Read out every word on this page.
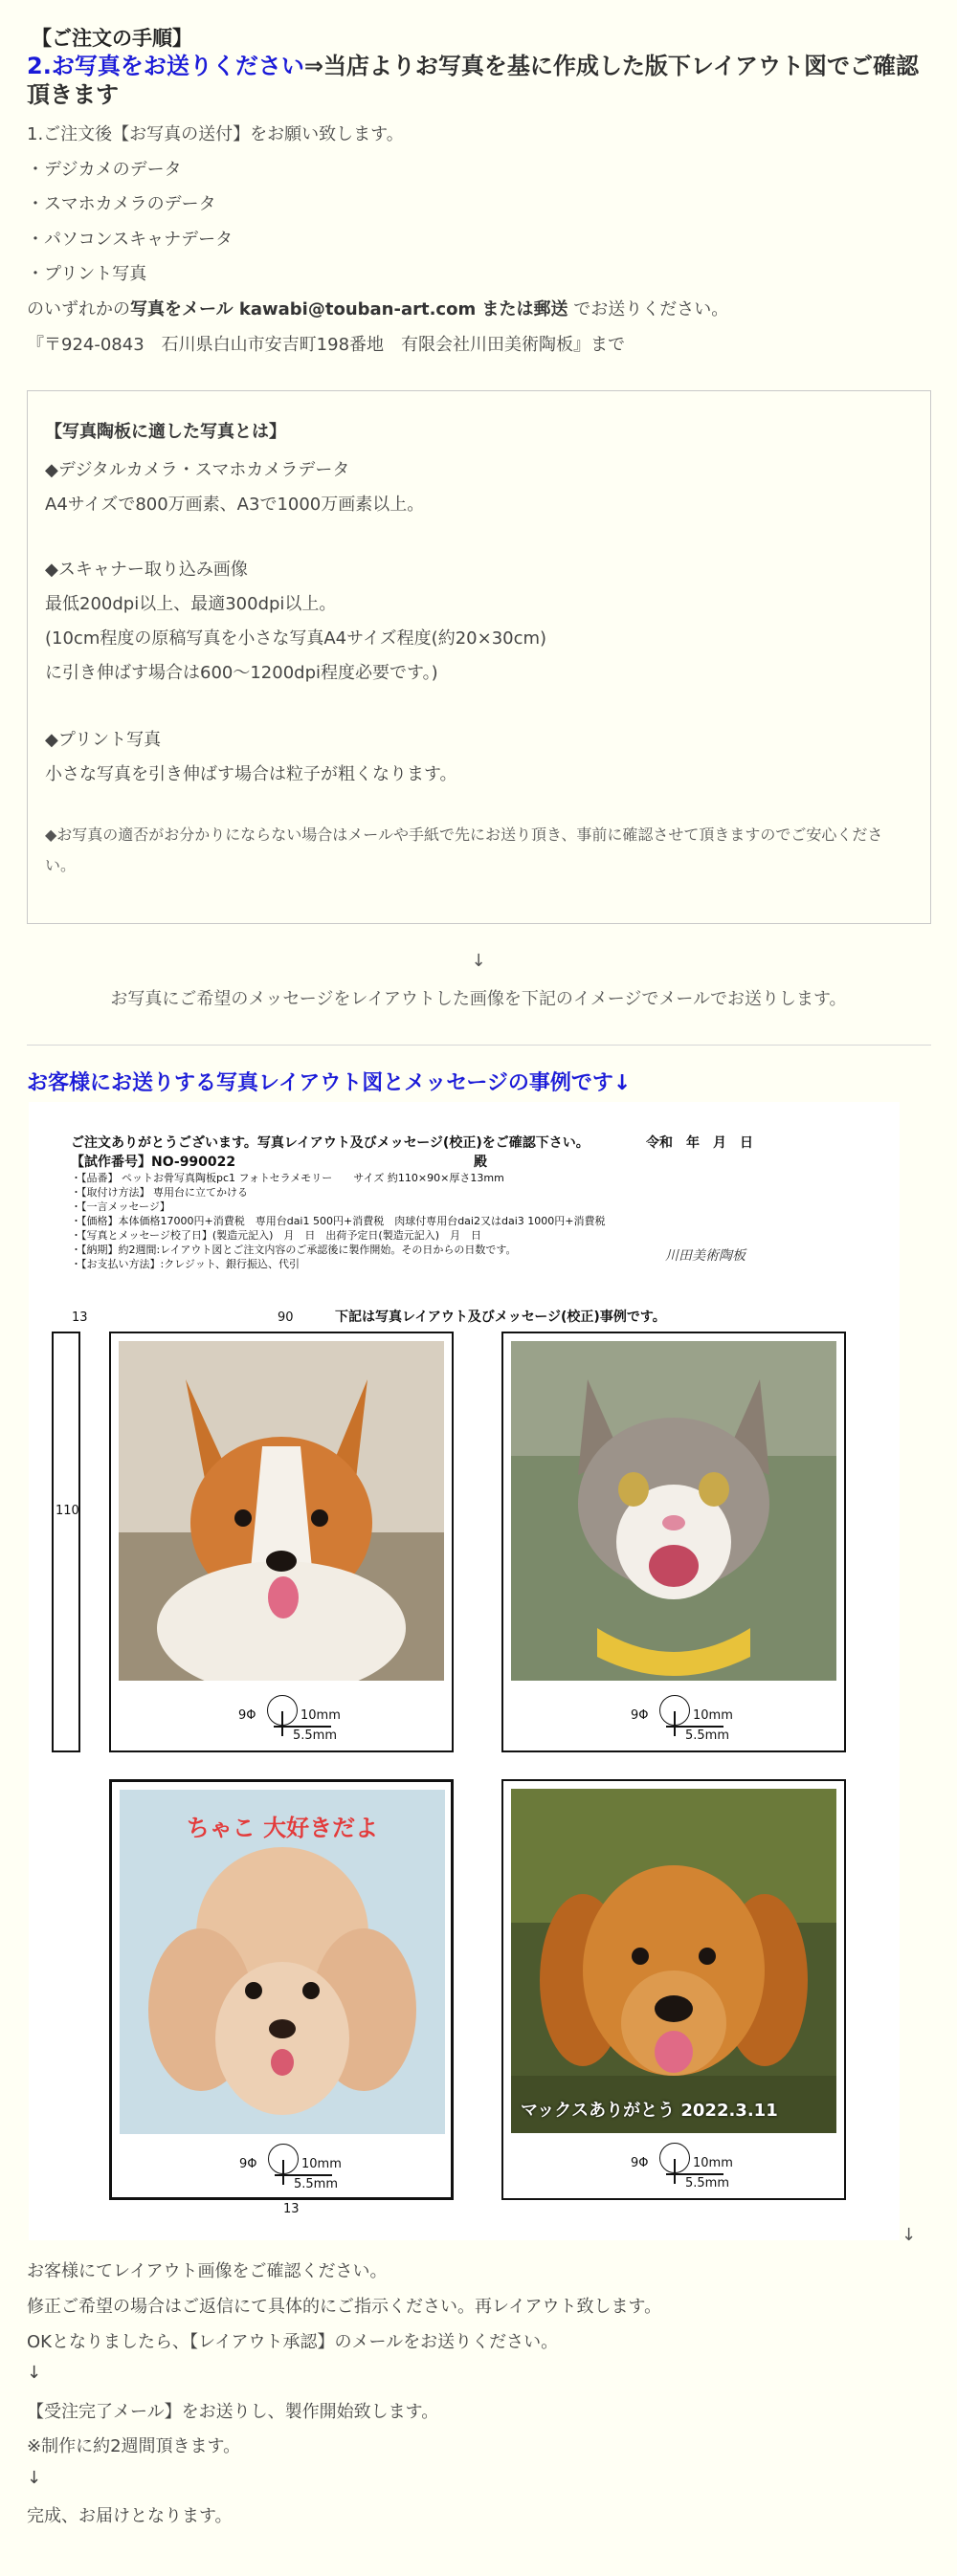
【ご注文の手順】
2.お写真をお送りください⇒当店よりお写真を基に作成した版下レイアウト図でご確認頂きます
1.ご注文後【お写真の送付】をお願い致します。
・デジカメのデータ
・スマホカメラのデータ
・パソコンスキャナデータ
・プリント写真
のいずれかの写真をメール kawabi@touban-art.com または郵送 でお送りください。
『〒924-0843　石川県白山市安吉町198番地　有限会社川田美術陶板』まで
【写真陶板に適した写真とは】
◆デジタルカメラ・スマホカメラデータ
A4サイズで800万画素、A3で1000万画素以上。
◆スキャナー取り込み画像
最低200dpi以上、最適300dpi以上。
(10cm程度の原稿写真を小さな写真A4サイズ程度(約20×30cm)
に引き伸ばす場合は600～1200dpi程度必要です。)
◆プリント写真
小さな写真を引き伸ばす場合は粒子が粗くなります。
◆お写真の適否がお分かりにならない場合はメールや手紙で先にお送り頂き、事前に確認させて頂きますのでご安心ください。
↓
お写真にご希望のメッセージをレイアウトした画像を下記のイメージでメールでお送りします。
お客様にお送りする写真レイアウト図とメッセージの事例です↓
ご注文ありがとうございます。写真レイアウト及びメッセージ(校正)をご確認下さい。	令和　年　月　日
【試作番号】NO-990022	殿
・【品番】 ペットお骨写真陶板pc1 フォトセラメモリー　　サイズ 約110×90×厚さ13mm
・【取付け方法】 専用台に立てかける
・【一言メッセージ】
・【価格】本体価格17000円+消費税　専用台dai1 500円+消費税　肉球付専用台dai2又はdai3 1000円+消費税
・【写真とメッセージ校了日】(製造元記入)　月　日　出荷予定日(製造元記入)　月　日
・【納期】約2週間:レイアウト図とご注文内容のご承認後に製作開始。その日からの日数です。
・【お支払い方法】:クレジット、銀行振込、代引
川田美術陶板
13	90	下記は写真レイアウト及びメッセージ(校正)事例です。
110
9Φ	10mm
5.5mm
9Φ	10mm
5.5mm
ちゃこ 大好きだよ
9Φ	10mm
5.5mm
13
マックスありがとう 2022.3.11
9Φ	10mm
5.5mm
↓
お客様にてレイアウト画像をご確認ください。
修正ご希望の場合はご返信にて具体的にご指示ください。再レイアウト致します。
OKとなりましたら、【レイアウト承認】のメールをお送りください。
↓
【受注完了メール】をお送りし、製作開始致します。
※制作に約2週間頂きます。
↓
完成、お届けとなります。
